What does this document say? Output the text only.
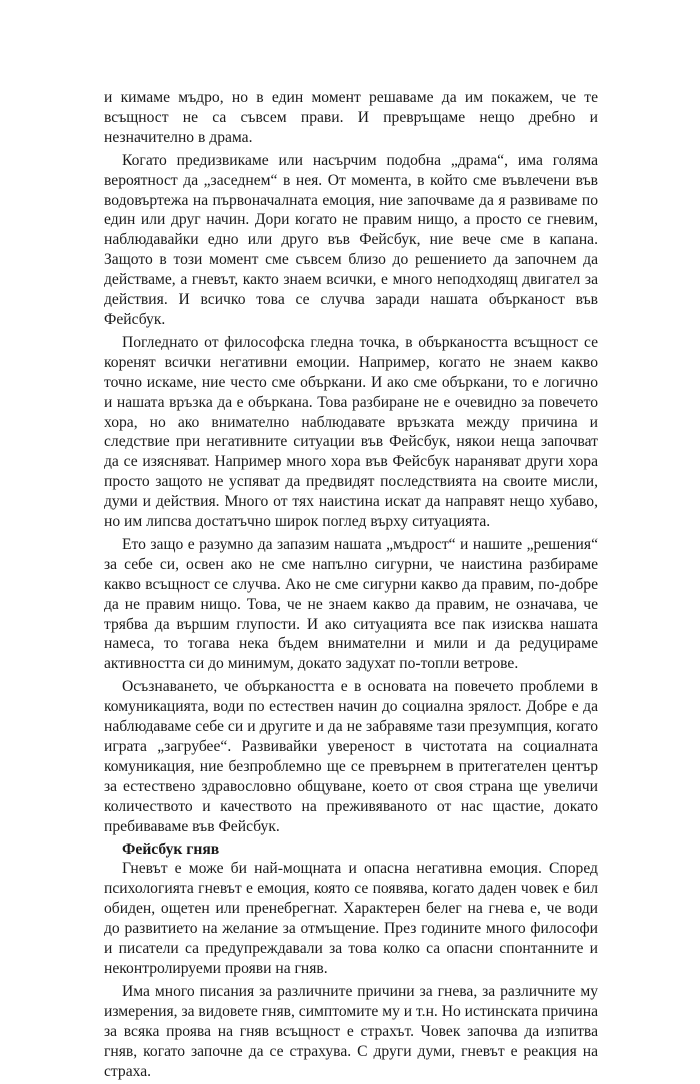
и кимаме мъдро, но в един момент решаваме да им покажем, че те всъщност не са съвсем прави. И превръщаме нещо дребно и незначително в драма.

Когато предизвикаме или насърчим подобна „драма“, има голяма вероятност да „заседнем“ в нея. От момента, в който сме въвлечени във водовъртежа на първоначалната емоция, ние започваме да я развиваме по един или друг начин. Дори когато не правим нищо, а просто се гневим, наблюдавайки едно или друго във Фейсбук, ние вече сме в капана. Защото в този момент сме съвсем близо до решението да започнем да действаме, а гневът, както знаем всички, е много неподходящ двигател за действия. И всичко това се случва заради нашата объркaност във Фейсбук.

Погледнато от философска гледна точка, в объркаността всъщност се коренят всички негативни емоции. Например, когато не знаем какво точно искаме, ние често сме объркани. И ако сме объркани, то е логично и нашата връзка да е объркана. Това разбиране не е очевидно за повечето хора, но ако внимателно наблюдавате връзката между причина и следствие при негативните ситуации във Фейсбук, някои неща започват да се изясняват. Например много хора във Фейсбук нараняват други хора просто защото не успяват да предвидят последствията на своите мисли, думи и действия. Много от тях наистина искат да направят нещо хубаво, но им липсва достатъчно широк поглед върху ситуацията.

Ето защо е разумно да запазим нашата „мъдрост“ и нашите „решения“ за себе си, освен ако не сме напълно сигурни, че наистина разбираме какво всъщност се случва. Ако не сме сигурни какво да правим, по-добре да не правим нищо. Това, че не знаем какво да правим, не означава, че трябва да вършим глупости. И ако ситуацията все пак изисква нашата намеса, то тогава нека бъдем внимателни и мили и да редуцираме активността си до минимум, докато задухат по-топли ветрове.

Осъзнаването, че объркаността е в основата на повечето проблеми в комуникацията, води по естествен начин до социална зрялост. Добре е да наблюдаваме себе си и другите и да не забравяме тази презумпция, когато играта „загрубее“. Развивайки увереност в чистотата на социалната комуникация, ние безпроблемно ще се превърнем в притегателен център за естествено здравословно общуване, което от своя страна ще увеличи количеството и качеството на преживяваното от нас щастие, докато пребиваваме във Фейсбук.

Фейсбук гняв

Гневът е може би най-мощната и опасна негативна емоция. Според психологията гневът е емоция, която се появява, когато даден човек е бил обиден, ощетен или пренебрегнат. Характерен белег на гнева е, че води до развитието на желание за отмъщение. През годините много философи и писатели са предупреждавали за това колко са опасни спонтанните и неконтролируеми прояви на гняв.

Има много писания за различните причини за гнева, за различните му измерения, за видовете гняв, симптомите му и т.н. Но истинската причина за всяка проява на гняв всъщност е страхът. Човек започва да изпитва гняв, когато започне да се страхува. С други думи, гневът е реакция на страха.
